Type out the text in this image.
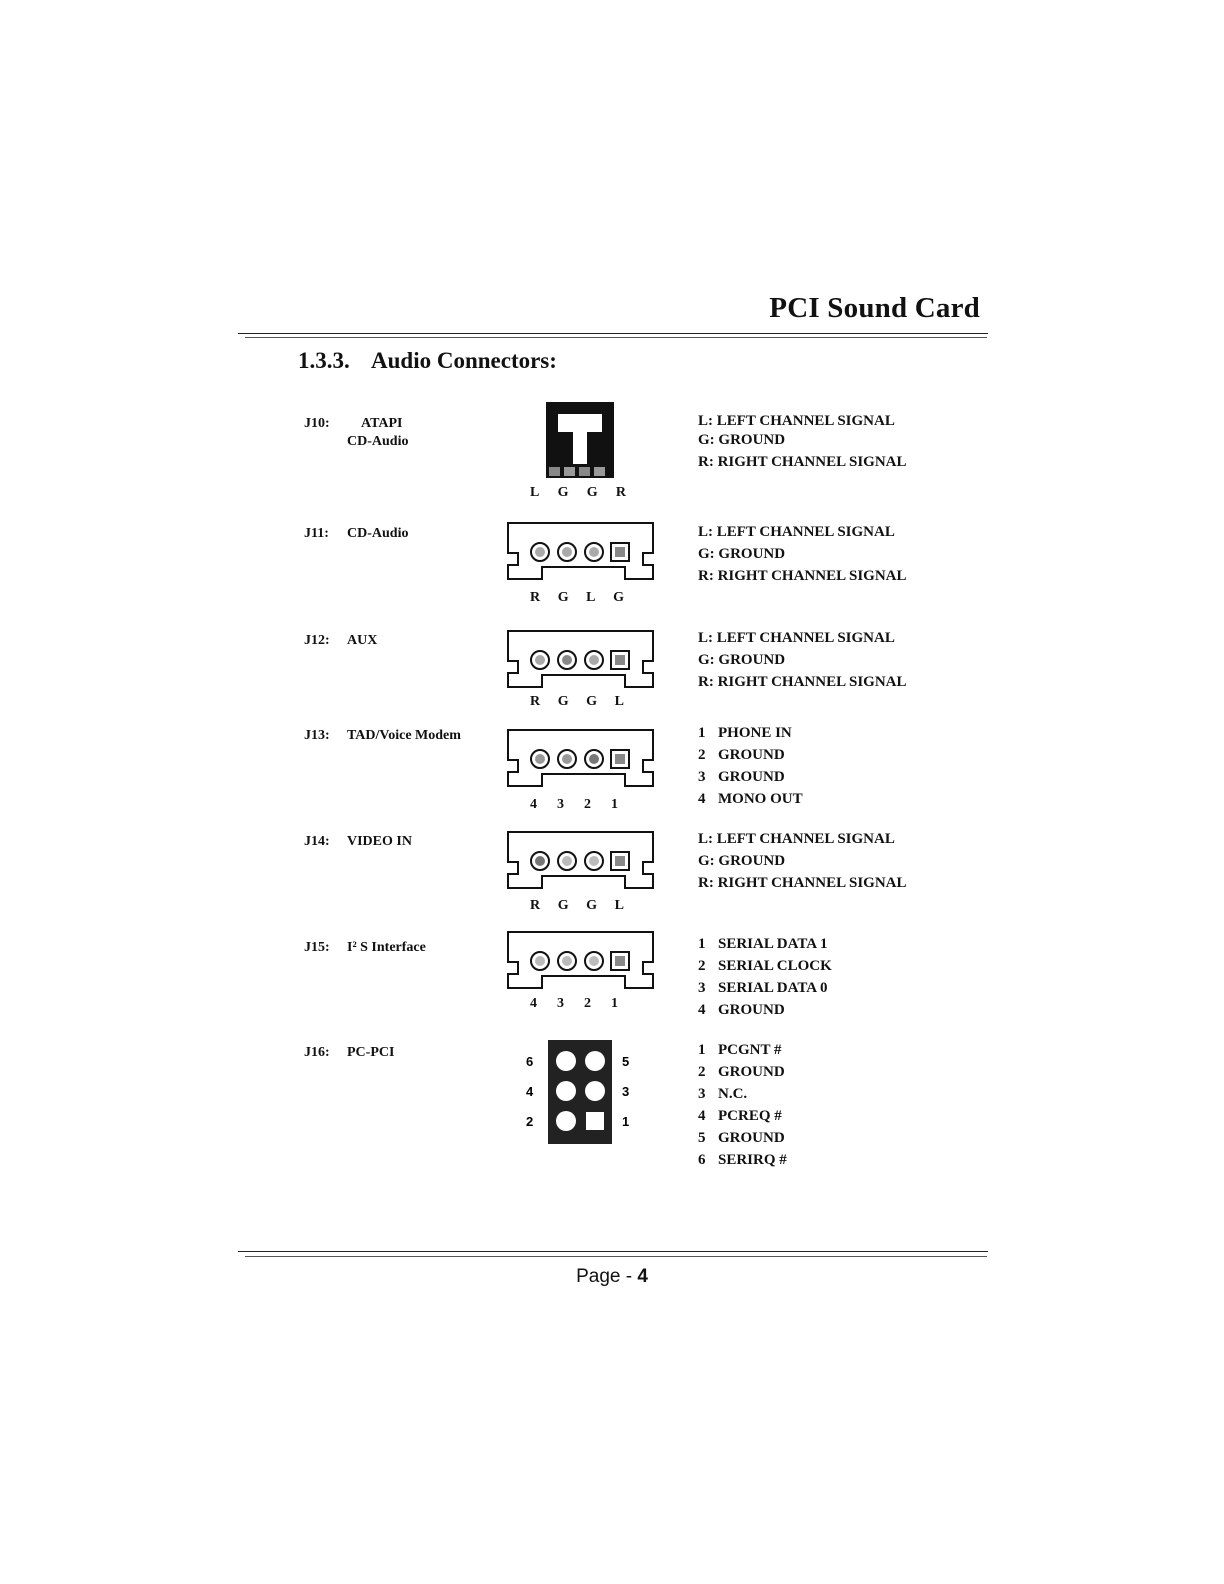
PCI Sound Card
1.3.3. Audio Connectors:
J10: ATAPI
CD-Audio
L G G R
L: LEFT CHANNEL SIGNAL
G: GROUND
R: RIGHT CHANNEL SIGNAL
J11: CD-Audio
R G L G
L: LEFT CHANNEL SIGNAL
G: GROUND
R: RIGHT CHANNEL SIGNAL
J12: AUX
R G G L
L: LEFT CHANNEL SIGNAL
G: GROUND
R: RIGHT CHANNEL SIGNAL
J13: TAD/Voice Modem
4 3 2 1
1 PHONE IN
2 GROUND
3 GROUND
4 MONO OUT
J14: VIDEO IN
R G G L
L: LEFT CHANNEL SIGNAL
G: GROUND
R: RIGHT CHANNEL SIGNAL
J15: I² S Interface
4 3 2 1
1 SERIAL DATA 1
2 SERIAL CLOCK
3 SERIAL DATA 0
4 GROUND
J16: PC-PCI
6	5
4	3
2	1
1 PCGNT #
2 GROUND
3 N.C.
4 PCREQ #
5 GROUND
6 SERIRQ #
Page - 4
